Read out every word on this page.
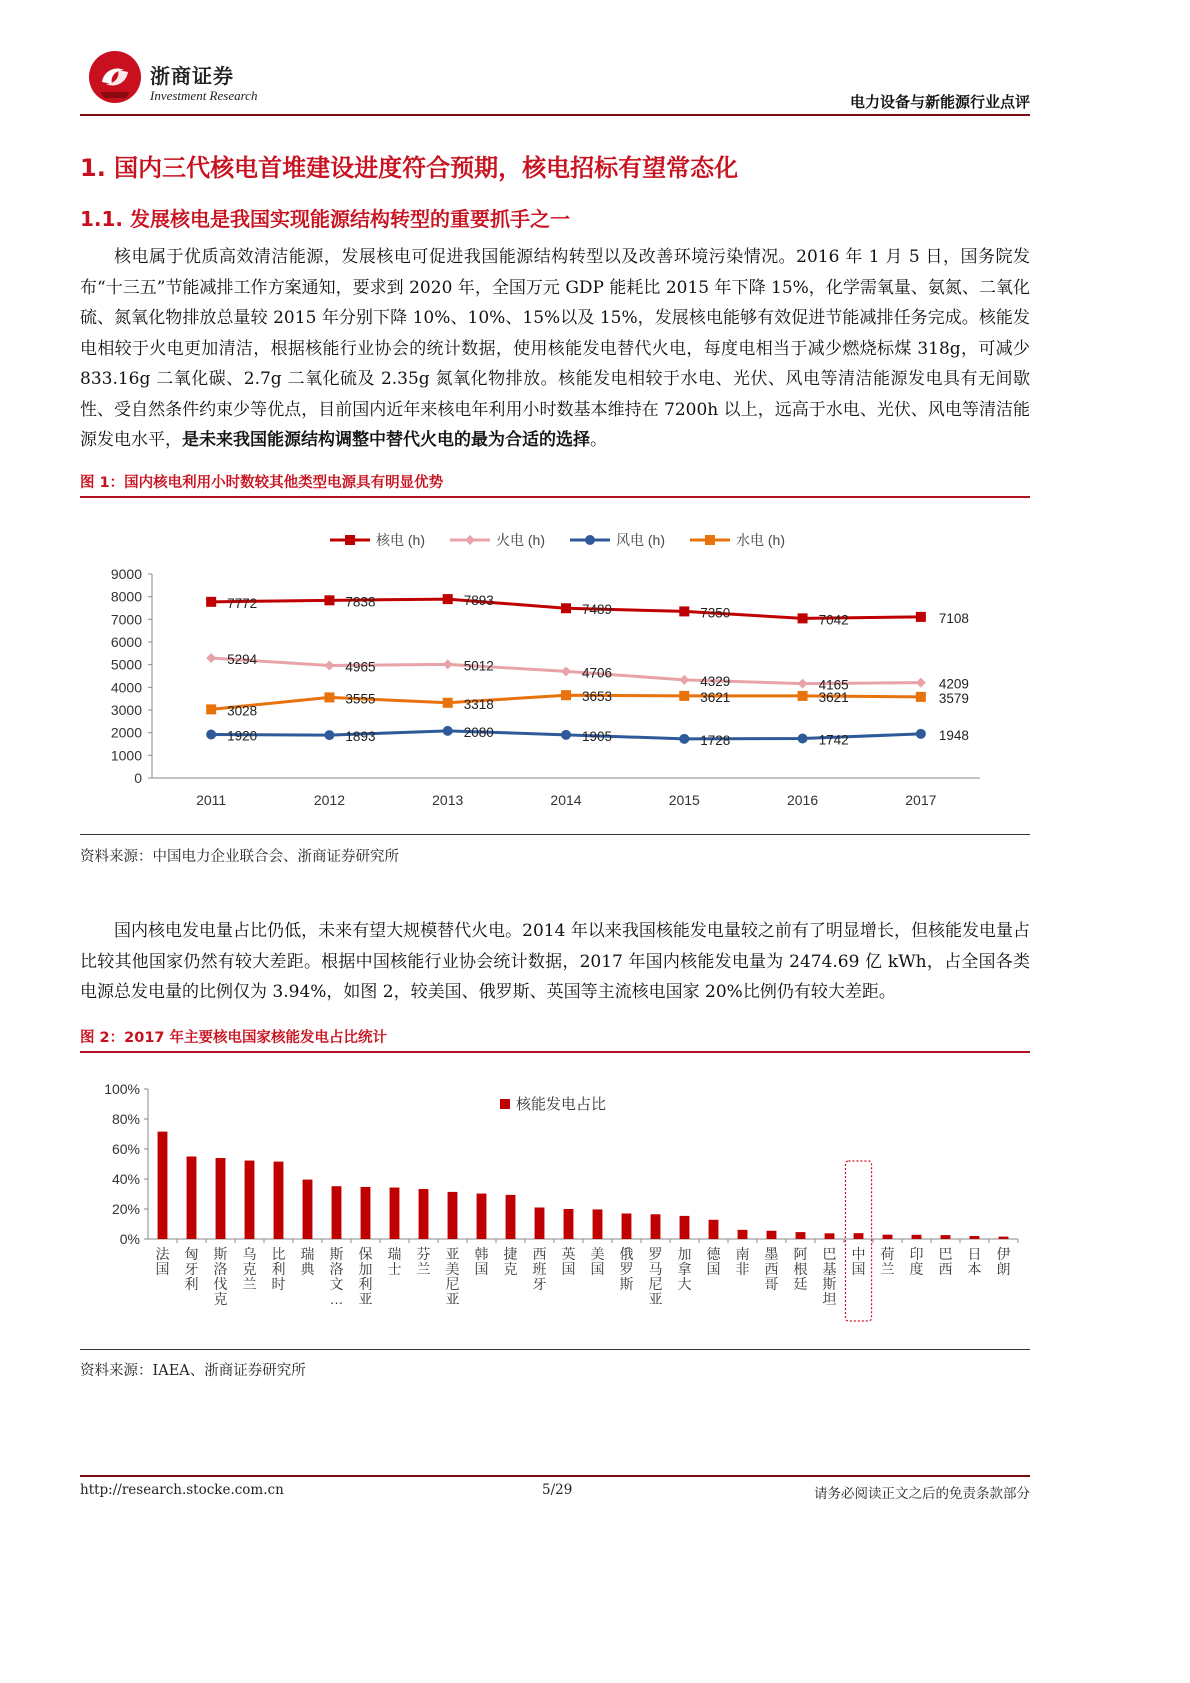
浙商证券
Investment Research	电力设备与新能源行业点评
1. 国内三代核电首堆建设进度符合预期，核电招标有望常态化
1.1. 发展核电是我国实现能源结构转型的重要抓手之一
核电属于优质高效清洁能源，发展核电可促进我国能源结构转型以及改善环境污染情况。2016 年 1 月 5 日，国务院发布“十三五”节能减排工作方案通知，要求到 2020 年，全国万元 GDP 能耗比 2015 年下降 15%，化学需氧量、氨氮、二氧化硫、氮氧化物排放总量较 2015 年分别下降 10%、10%、15%以及 15%，发展核电能够有效促进节能减排任务完成。核能发电相较于火电更加清洁，根据核能行业协会的统计数据，使用核能发电替代火电，每度电相当于减少燃烧标煤 318g，可减少 833.16g 二氧化碳、2.7g 二氧化硫及 2.35g 氮氧化物排放。核能发电相较于水电、光伏、风电等清洁能源发电具有无间歇性、受自然条件约束少等优点，目前国内近年来核电年利用小时数基本维持在 7200h 以上，远高于水电、光伏、风电等清洁能源发电水平，是未来我国能源结构调整中替代火电的最为合适的选择。
图 1：国内核电利用小时数较其他类型电源具有明显优势
核电 (h)	火电 (h)	风电 (h)	水电 (h)
0
1000
2000
3000
4000
5000
6000
7000
8000
9000
2011	2012	2013	2014	2015	2016	2017
7772	7838	7893
7489	7350	7042	7108
5294	4965	5012	4706
4329	4165	4209
1920	1893	2080	1905	1728	1742	1948
3028
3555	3318
3653	3621	3621	3579
资料来源：中国电力企业联合会、浙商证券研究所
国内核电发电量占比仍低，未来有望大规模替代火电。2014 年以来我国核能发电量较之前有了明显增长，但核能发电量占比较其他国家仍然有较大差距。根据中国核能行业协会统计数据，2017 年国内核能发电量为 2474.69 亿 kWh，占全国各类电源总发电量的比例仅为 3.94%，如图 2，较美国、俄罗斯、英国等主流核电国家 20%比例仍有较大差距。
图 2：2017 年主要核电国家核能发电占比统计
核能发电占比
0%
20%
40%
60%
80%
100%
法国
匈牙利
斯洛伐克
乌克兰
比利时
瑞典
斯洛文…
保加利亚
瑞士
芬兰
亚美尼亚
韩国
捷克
西班牙
英国
美国
俄罗斯
罗马尼亚
加拿大
德国
南非
墨西哥
阿根廷
巴基斯坦
中国
荷兰
印度
巴西
日本
伊朗
资料来源：IAEA、浙商证券研究所
http://research.stocke.com.cn	5/29	请务必阅读正文之后的免责条款部分
